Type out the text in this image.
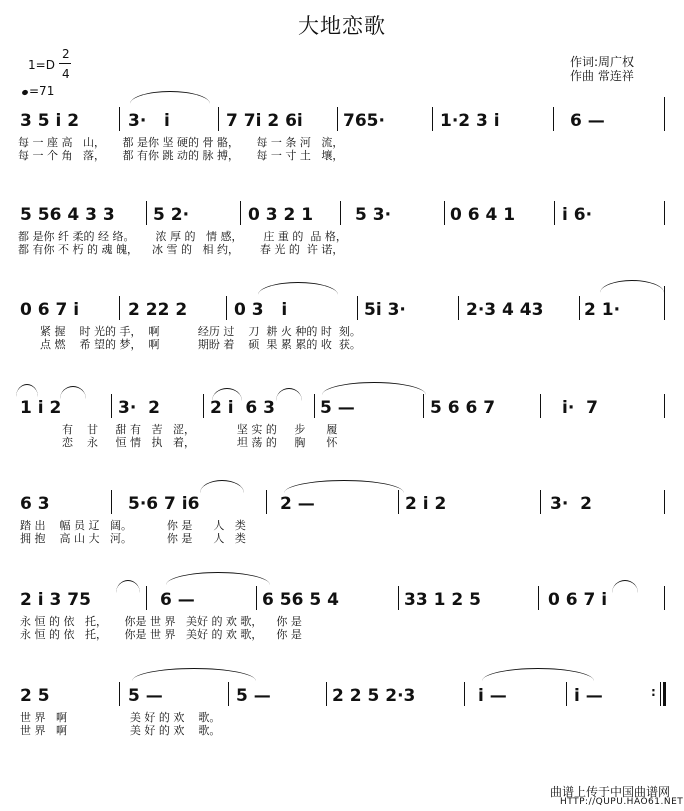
大地恋歌
1=D
2
4
=71
作词:周广权
作曲 常连祥
3 5 i 2	3·   i	7 7i 2 6i 765·	1·2 3 i	6 —
每 一 座 高   山，     都 是你 坚 硬的 骨 骼，     每 一 条 河   流，
每 一 个 角   落，     都 有你 跳 动的 脉 搏，     每 一 寸 土   壤，
5 56 4 3 3 5 2·	0 3 2 1 5 3·	0 6 4 1	i 6·
都 是你 纤 柔的 经 络。      浓 厚 的   情 感，      庄 重 的  品 格，
都 有你 不 朽 的 魂 魄，    冰 雪 的   相 约，      春 光 的  许 诺，
0 6 7 i	2 22 2	0 3   i	5i 3·	2·3 4 43 2 1·
紧 握    时 光的 手，  啊           经历 过    刀  耕 火 种的 时  刻。
点 燃    希 望的 梦，  啊           期盼 着    硕  果 累 累的 收  获。
1 i 2	3·  2	2 i  6 3	5 —	5 6 6 7	i·  7
有    甘     甜 有   苦   涩，            坚 实 的     步      履
恋    永     恒 情   执   着，            坦 荡 的     胸      怀
6 3	5·6 7 i6	2 —	2 i 2	3·  2
踏 出    幅 员 辽   阔。          你 是      人   类
拥 抱    高 山 大   河。          你 是      人   类
2 i 3 75	6 —	6 56 5 4	33 1 2 5	0 6 7 i
永 恒 的 依   托，     你是 世 界   美好 的 欢 歌，    你 是
永 恒 的 依   托，     你是 世 界   美好 的 欢 歌，    你 是
2 5	5 —	5 —	2 2 5 2·3	i —	i —	:
世 界   啊                  美 好 的 欢    歌。
世 界   啊                  美 好 的 欢    歌。
曲谱上传于中国曲谱网
HTTP://QUPU.HAO61.NET
